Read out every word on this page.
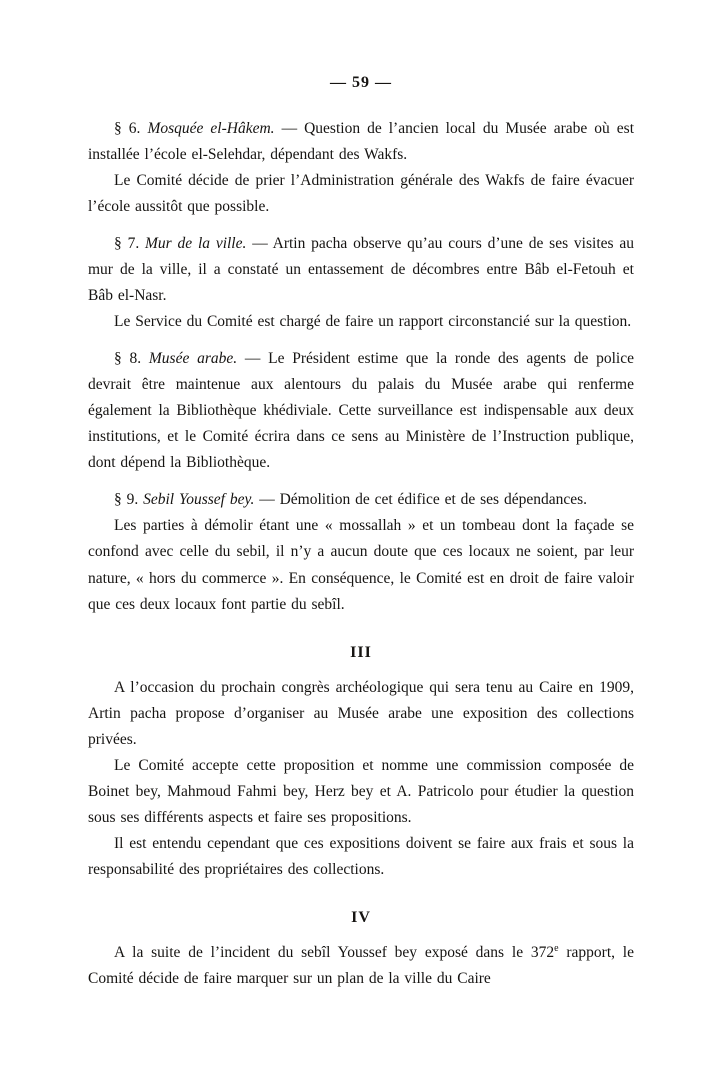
— 59 —

§ 6. Mosquée el-Hâkem. — Question de l’ancien local du Musée arabe où est installée l’école el-Selehdar, dépendant des Wakfs.

Le Comité décide de prier l’Administration générale des Wakfs de faire évacuer l’école aussitôt que possible.

§ 7. Mur de la ville. — Artin pacha observe qu’au cours d’une de ses visites au mur de la ville, il a constaté un entassement de décombres entre Bâb el-Fetouh et Bâb el-Nasr.

Le Service du Comité est chargé de faire un rapport circonstancié sur la question.

§ 8. Musée arabe. — Le Président estime que la ronde des agents de police devrait être maintenue aux alentours du palais du Musée arabe qui renferme également la Bibliothèque khédiviale. Cette surveillance est indispensable aux deux institutions, et le Comité écrira dans ce sens au Ministère de l’Instruction publique, dont dépend la Bibliothèque.

§ 9. Sebil Youssef bey. — Démolition de cet édifice et de ses dépendances.

Les parties à démolir étant une « mossallah » et un tombeau dont la façade se confond avec celle du sebil, il n’y a aucun doute que ces locaux ne soient, par leur nature, « hors du commerce ». En conséquence, le Comité est en droit de faire valoir que ces deux locaux font partie du sebîl.

III

A l’occasion du prochain congrès archéologique qui sera tenu au Caire en 1909, Artin pacha propose d’organiser au Musée arabe une exposition des collections privées.

Le Comité accepte cette proposition et nomme une commission composée de Boinet bey, Mahmoud Fahmi bey, Herz bey et A. Patricolo pour étudier la question sous ses différents aspects et faire ses propositions.

Il est entendu cependant que ces expositions doivent se faire aux frais et sous la responsabilité des propriétaires des collections.

IV

A la suite de l’incident du sebîl Youssef bey exposé dans le 372e rapport, le Comité décide de faire marquer sur un plan de la ville du Caire
